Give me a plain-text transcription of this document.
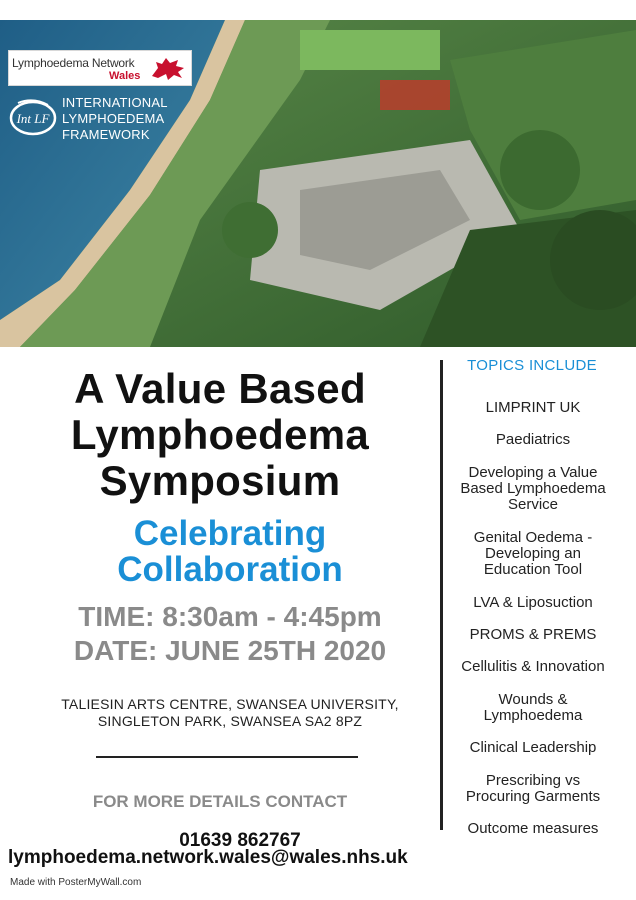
Lymphoedema Network
Wales
Int LF
INTERNATIONAL
LYMPHOEDEMA
FRAMEWORK
A Value Based
Lymphoedema
Symposium
Celebrating
Collaboration
TIME: 8:30am - 4:45pm
DATE: JUNE 25TH 2020
TALIESIN ARTS CENTRE, SWANSEA UNIVERSITY,
SINGLETON PARK, SWANSEA SA2 8PZ
FOR MORE DETAILS CONTACT
01639 862767
lymphoedema.network.wales@wales.nhs.uk
Made with PosterMyWall.com
TOPICS INCLUDE
LIMPRINT UK
Paediatrics
Developing a Value
Based Lymphoedema
Service
Genital Oedema -
Developing an
Education Tool
LVA & Liposuction
PROMS & PREMS
Cellulitis & Innovation
Wounds &
Lymphoedema
Clinical Leadership
Prescribing vs
Procuring Garments
Outcome measures
